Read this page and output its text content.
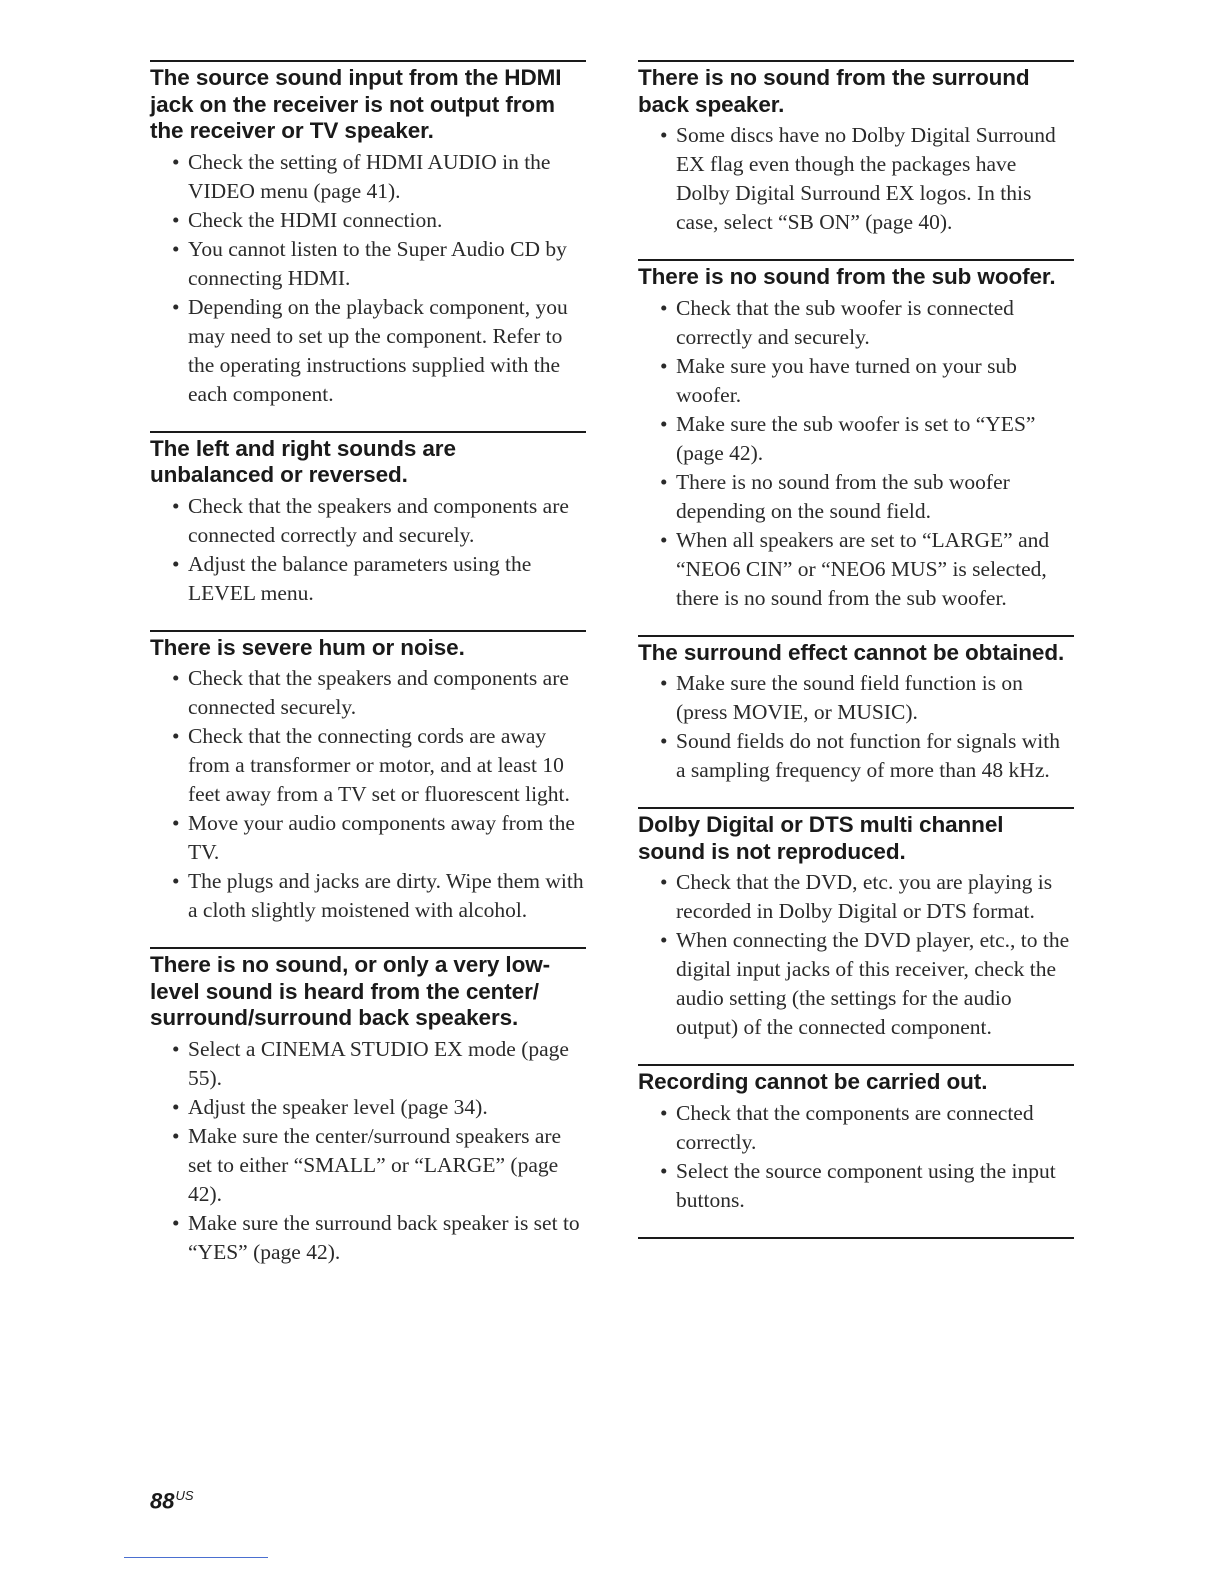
The source sound input from the HDMI jack on the receiver is not output from the receiver or TV speaker.
• Check the setting of HDMI AUDIO in the VIDEO menu (page 41).
• Check the HDMI connection.
• You cannot listen to the Super Audio CD by connecting HDMI.
• Depending on the playback component, you may need to set up the component. Refer to the operating instructions supplied with the each component.
The left and right sounds are unbalanced or reversed.
• Check that the speakers and components are connected correctly and securely.
• Adjust the balance parameters using the LEVEL menu.
There is severe hum or noise.
• Check that the speakers and components are connected securely.
• Check that the connecting cords are away from a transformer or motor, and at least 10 feet away from a TV set or fluorescent light.
• Move your audio components away from the TV.
• The plugs and jacks are dirty. Wipe them with a cloth slightly moistened with alcohol.
There is no sound, or only a very low-level sound is heard from the center/ surround/surround back speakers.
• Select a CINEMA STUDIO EX mode (page 55).
• Adjust the speaker level (page 34).
• Make sure the center/surround speakers are set to either “SMALL” or “LARGE” (page 42).
• Make sure the surround back speaker is set to “YES” (page 42).
There is no sound from the surround back speaker.
• Some discs have no Dolby Digital Surround EX flag even though the packages have Dolby Digital Surround EX logos. In this case, select “SB ON” (page 40).
There is no sound from the sub woofer.
• Check that the sub woofer is connected correctly and securely.
• Make sure you have turned on your sub woofer.
• Make sure the sub woofer is set to “YES” (page 42).
• There is no sound from the sub woofer depending on the sound field.
• When all speakers are set to “LARGE” and “NEO6 CIN” or “NEO6 MUS” is selected, there is no sound from the sub woofer.
The surround effect cannot be obtained.
• Make sure the sound field function is on (press MOVIE, or MUSIC).
• Sound fields do not function for signals with a sampling frequency of more than 48 kHz.
Dolby Digital or DTS multi channel sound is not reproduced.
• Check that the DVD, etc. you are playing is recorded in Dolby Digital or DTS format.
• When connecting the DVD player, etc., to the digital input jacks of this receiver, check the audio setting (the settings for the audio output) of the connected component.
Recording cannot be carried out.
• Check that the components are connected correctly.
• Select the source component using the input buttons.
$88^{US}$
